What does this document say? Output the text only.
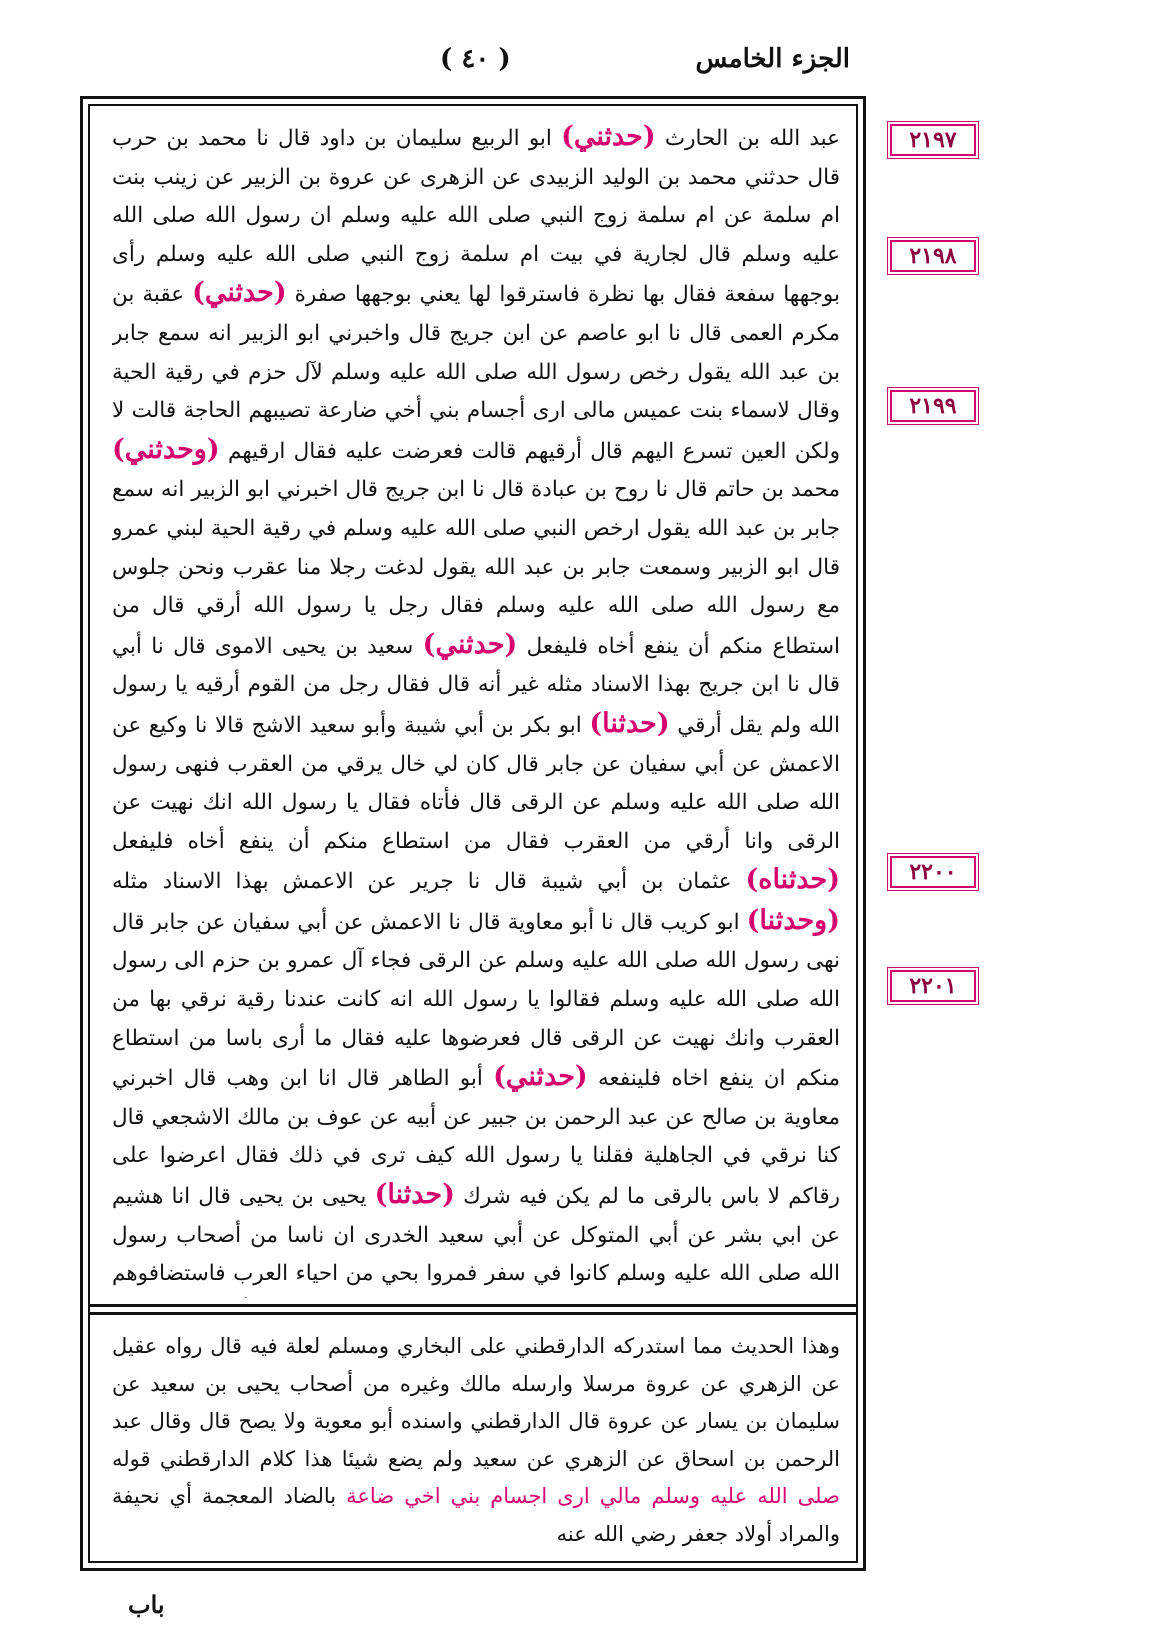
( ٤٠ )	الجزء الخامس

عبد الله بن الحارث (حدثني) ابو الربيع سليمان بن داود قال نا محمد بن حرب قال حدثني محمد بن الوليد الزبيدى عن الزهرى عن عروة بن الزبير عن زينب بنت ام سلمة عن ام سلمة زوج النبي صلى الله عليه وسلم ان رسول الله صلى الله عليه وسلم قال لجارية في بيت ام سلمة زوج النبي صلى الله عليه وسلم رأى بوجهها سفعة فقال بها نظرة فاسترقوا لها يعني بوجهها صفرة (حدثني) عقبة بن مكرم العمى قال نا ابو عاصم عن ابن جريج قال واخبرني ابو الزبير انه سمع جابر بن عبد الله يقول رخص رسول الله صلى الله عليه وسلم لآل حزم في رقية الحية وقال لاسماء بنت عميس مالى ارى أجسام بني أخي ضارعة تصيبهم الحاجة قالت لا ولكن العين تسرع اليهم قال أرقيهم قالت فعرضت عليه فقال ارقيهم (وحدثني) محمد بن حاتم قال نا روح بن عبادة قال نا ابن جريج قال اخبرني ابو الزبير انه سمع جابر بن عبد الله يقول ارخص النبي صلى الله عليه وسلم في رقية الحية لبني عمرو قال ابو الزبير وسمعت جابر بن عبد الله يقول لدغت رجلا منا عقرب ونحن جلوس مع رسول الله صلى الله عليه وسلم فقال رجل يا رسول الله أرقي قال من استطاع منكم أن ينفع أخاه فليفعل (حدثني) سعيد بن يحيى الاموى قال نا أبي قال نا ابن جريج بهذا الاسناد مثله غير أنه قال فقال رجل من القوم أرقيه يا رسول الله ولم يقل أرقي (حدثنا) ابو بكر بن أبي شيبة وأبو سعيد الاشج قالا نا وكيع عن الاعمش عن أبي سفيان عن جابر قال كان لي خال يرقي من العقرب فنهى رسول الله صلى الله عليه وسلم عن الرقى قال فأتاه فقال يا رسول الله انك نهيت عن الرقى وانا أرقي من العقرب فقال من استطاع منكم أن ينفع أخاه فليفعل (حدثناه) عثمان بن أبي شيبة قال نا جرير عن الاعمش بهذا الاسناد مثله (وحدثنا) ابو كريب قال نا أبو معاوية قال نا الاعمش عن أبي سفيان عن جابر قال نهى رسول الله صلى الله عليه وسلم عن الرقى فجاء آل عمرو بن حزم الى رسول الله صلى الله عليه وسلم فقالوا يا رسول الله انه كانت عندنا رقية نرقي بها من العقرب وانك نهيت عن الرقى قال فعرضوها عليه فقال ما أرى باسا من استطاع منكم ان ينفع اخاه فلينفعه (حدثني) أبو الطاهر قال انا ابن وهب قال اخبرني معاوية بن صالح عن عبد الرحمن بن جبير عن أبيه عن عوف بن مالك الاشجعي قال كنا نرقي في الجاهلية فقلنا يا رسول الله كيف ترى في ذلك فقال اعرضوا على رقاكم لا باس بالرقى ما لم يكن فيه شرك (حدثنا) يحيى بن يحيى قال انا هشيم عن ابي بشر عن أبي المتوكل عن أبي سعيد الخدرى ان ناسا من أصحاب رسول الله صلى الله عليه وسلم كانوا في سفر فمروا بحي من احياء العرب فاستضافوهم

وهذا الحديث مما استدركه الدارقطني على البخاري ومسلم لعلة فيه قال رواه عقيل عن الزهري عن عروة مرسلا وارسله مالك وغيره من أصحاب يحيى بن سعيد عن سليمان بن يسار عن عروة قال الدارقطني واسنده أبو معوية ولا يصح قال وقال عبد الرحمن بن اسحاق عن الزهري عن سعيد ولم يضع شيئا هذا كلام الدارقطني قوله صلى الله عليه وسلم مالي ارى اجسام بني اخي ضاعة بالضاد المعجمة أي نحيفة والمراد أولاد جعفر رضي الله عنه
٢١٩٧
٢١٩٨
٢١٩٩
٢٢٠٠
٢٢٠١
باب
